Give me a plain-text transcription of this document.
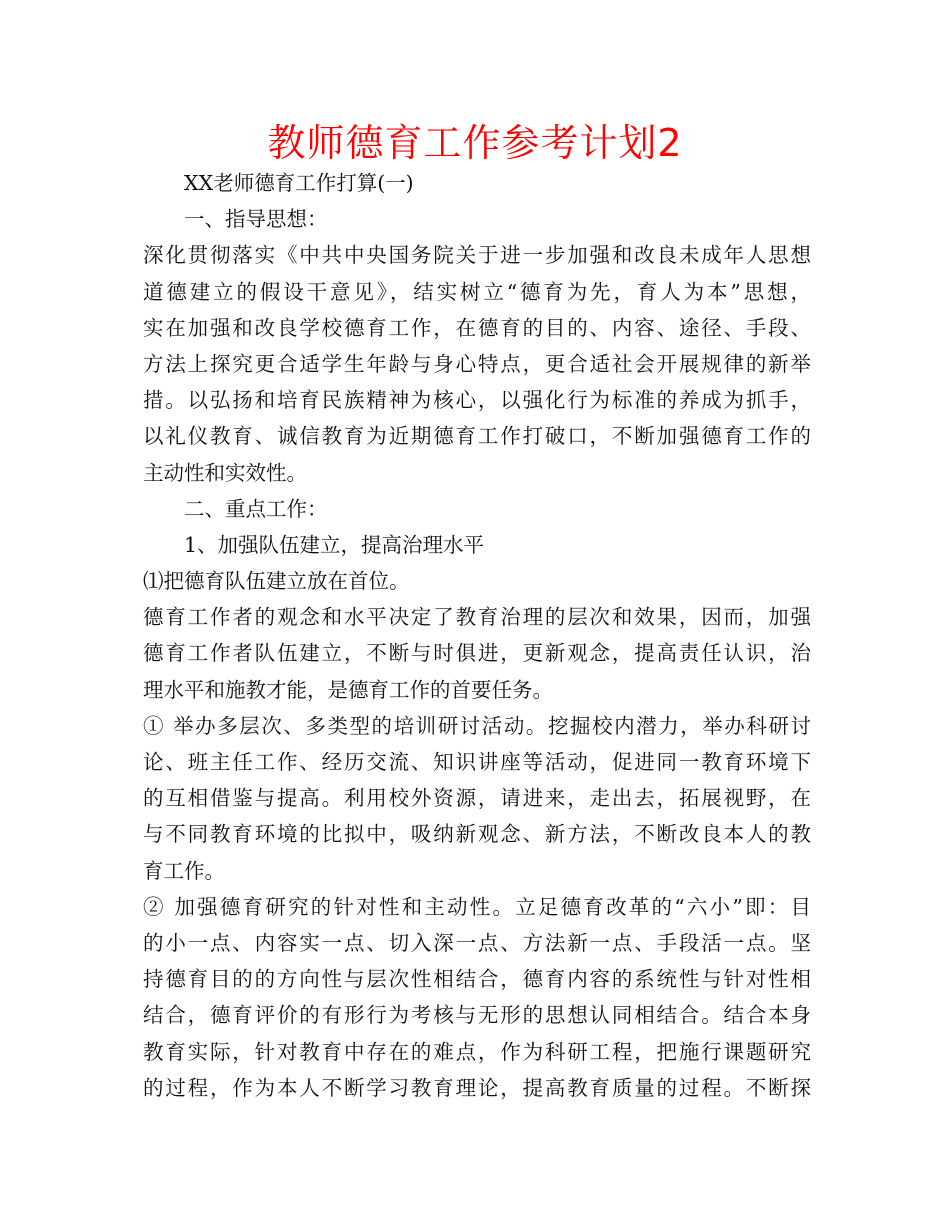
教师德育工作参考计划2
XX老师德育工作打算(一)
一、指导思想：
深化贯彻落实《中共中央国务院关于进一步加强和改良未成年人思想
道德建立的假设干意见》，结实树立“德育为先，育人为本”思想，
实在加强和改良学校德育工作，在德育的目的、内容、途径、手段、
方法上探究更合适学生年龄与身心特点，更合适社会开展规律的新举
措。以弘扬和培育民族精神为核心，以强化行为标准的养成为抓手，
以礼仪教育、诚信教育为近期德育工作打破口，不断加强德育工作的
主动性和实效性。
二、重点工作：
1、加强队伍建立，提高治理水平
⑴把德育队伍建立放在首位。
德育工作者的观念和水平决定了教育治理的层次和效果，因而，加强
德育工作者队伍建立，不断与时俱进，更新观念，提高责任认识，治
理水平和施教才能，是德育工作的首要任务。
① 举办多层次、多类型的培训研讨活动。挖掘校内潜力，举办科研讨
论、班主任工作、经历交流、知识讲座等活动，促进同一教育环境下
的互相借鉴与提高。利用校外资源，请进来，走出去，拓展视野，在
与不同教育环境的比拟中，吸纳新观念、新方法，不断改良本人的教
育工作。
② 加强德育研究的针对性和主动性。立足德育改革的“六小”即：目
的小一点、内容实一点、切入深一点、方法新一点、手段活一点。坚
持德育目的的方向性与层次性相结合，德育内容的系统性与针对性相
结合，德育评价的有形行为考核与无形的思想认同相结合。结合本身
教育实际，针对教育中存在的难点，作为科研工程，把施行课题研究
的过程，作为本人不断学习教育理论，提高教育质量的过程。不断探
